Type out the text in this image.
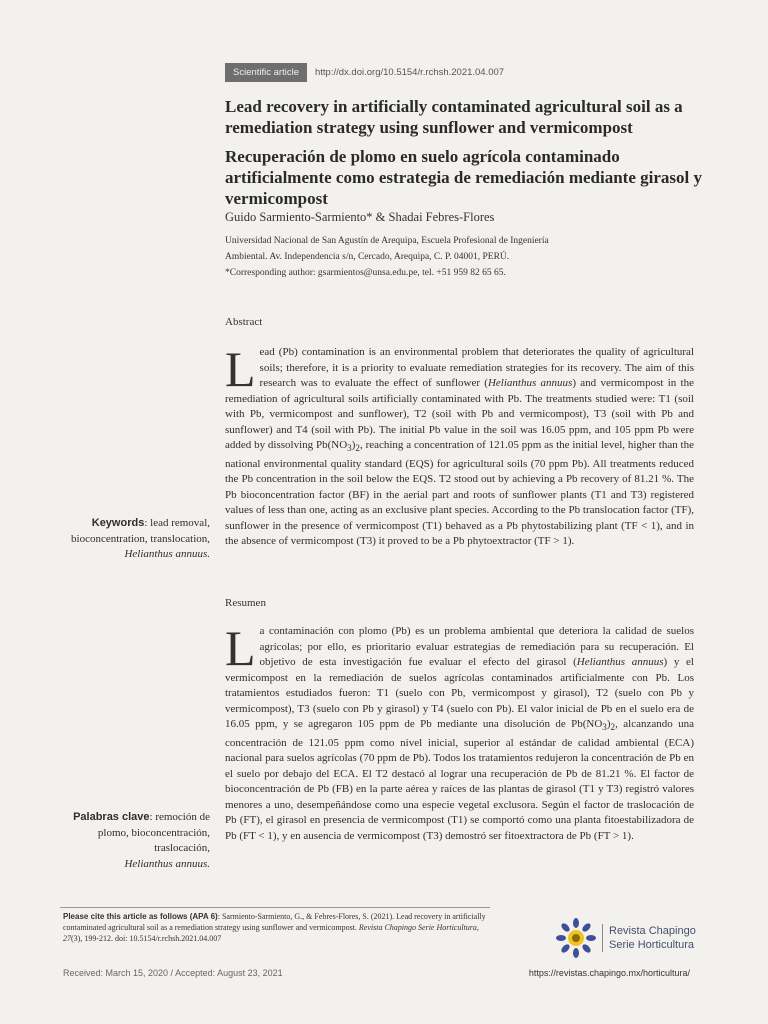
Scientific article	http://dx.doi.org/10.5154/r.rchsh.2021.04.007
Lead recovery in artificially contaminated agricultural soil as a remediation strategy using sunflower and vermicompost
Recuperación de plomo en suelo agrícola contaminado artificialmente como estrategia de remediación mediante girasol y vermicompost
Guido Sarmiento-Sarmiento* & Shadai Febres-Flores
Universidad Nacional de San Agustín de Arequipa, Escuela Profesional de Ingeniería
Ambiental. Av. Independencia s/n, Cercado, Arequipa, C. P. 04001, PERÚ.
*Corresponding author: gsarmientos@unsa.edu.pe, tel. +51 959 82 65 65.
Abstract

Lead (Pb) contamination is an environmental problem that deteriorates the quality of agricultural soils; therefore, it is a priority to evaluate remediation strategies for its recovery. The aim of this research was to evaluate the effect of sunflower (Helianthus annuus) and vermicompost in the remediation of agricultural soils artificially contaminated with Pb. The treatments studied were: T1 (soil with Pb, vermicompost and sunflower), T2 (soil with Pb and vermicompost), T3 (soil with Pb and sunflower) and T4 (soil with Pb). The initial Pb value in the soil was 16.05 ppm, and 105 ppm Pb were added by dissolving $Pb(NO_3)_2$, reaching a concentration of 121.05 ppm as the initial level, higher than the national environmental quality standard (EQS) for agricultural soils (70 ppm Pb). All treatments reduced the Pb concentration in the soil below the EQS. T2 stood out by achieving a Pb recovery of 81.21 %. The Pb bioconcentration factor (BF) in the aerial part and roots of sunflower plants (T1 and T3) registered values of less than one, acting as an exclusive plant species. According to the Pb translocation factor (TF), sunflower in the presence of vermicompost (T1) behaved as a Pb phytostabilizing plant (TF < 1), and in the absence of vermicompost (T3) it proved to be a Pb phytoextractor (TF > 1).

Keywords: lead removal, bioconcentration, translocation,
Helianthus annuus.
Resumen

La contaminación con plomo (Pb) es un problema ambiental que deteriora la calidad de suelos agrícolas; por ello, es prioritario evaluar estrategias de remediación para su recuperación. El objetivo de esta investigación fue evaluar el efecto del girasol (Helianthus annuus) y el vermicompost en la remediación de suelos agrícolas contaminados artificialmente con Pb. Los tratamientos estudiados fueron: T1 (suelo con Pb, vermicompost y girasol), T2 (suelo con Pb y vermicompost), T3 (suelo con Pb y girasol) y T4 (suelo con Pb). El valor inicial de Pb en el suelo era de 16.05 ppm, y se agregaron 105 ppm de Pb mediante una disolución de $Pb(NO_3)_2$, alcanzando una concentración de 121.05 ppm como nivel inicial, superior al estándar de calidad ambiental (ECA) nacional para suelos agrícolas (70 ppm de Pb). Todos los tratamientos redujeron la concentración de Pb en el suelo por debajo del ECA. El T2 destacó al lograr una recuperación de Pb de 81.21 %. El factor de bioconcentración de Pb (FB) en la parte aérea y raíces de las plantas de girasol (T1 y T3) registró valores menores a uno, desempeñándose como una especie vegetal exclusora. Según el factor de traslocación de Pb (FT), el girasol en presencia de vermicompost (T1) se comportó como una planta fitoestabilizadora de Pb (FT < 1), y en ausencia de vermicompost (T3) demostró ser fitoextractora de Pb (FT > 1).

Palabras clave: remoción de plomo, bioconcentración, traslocación,
Helianthus annuus.
Please cite this article as follows (APA 6): Sarmiento-Sarmiento, G., & Febres-Flores, S. (2021). Lead recovery in artificially contaminated agricultural soil as a remediation strategy using sunflower and vermicompost. Revista Chapingo Serie Horticultura, 27(3), 199-212. doi: 10.5154/r.rchsh.2021.04.007
Revista Chapingo
Serie Horticultura
Received: March 15, 2020 / Accepted: August 23, 2021	https://revistas.chapingo.mx/horticultura/
